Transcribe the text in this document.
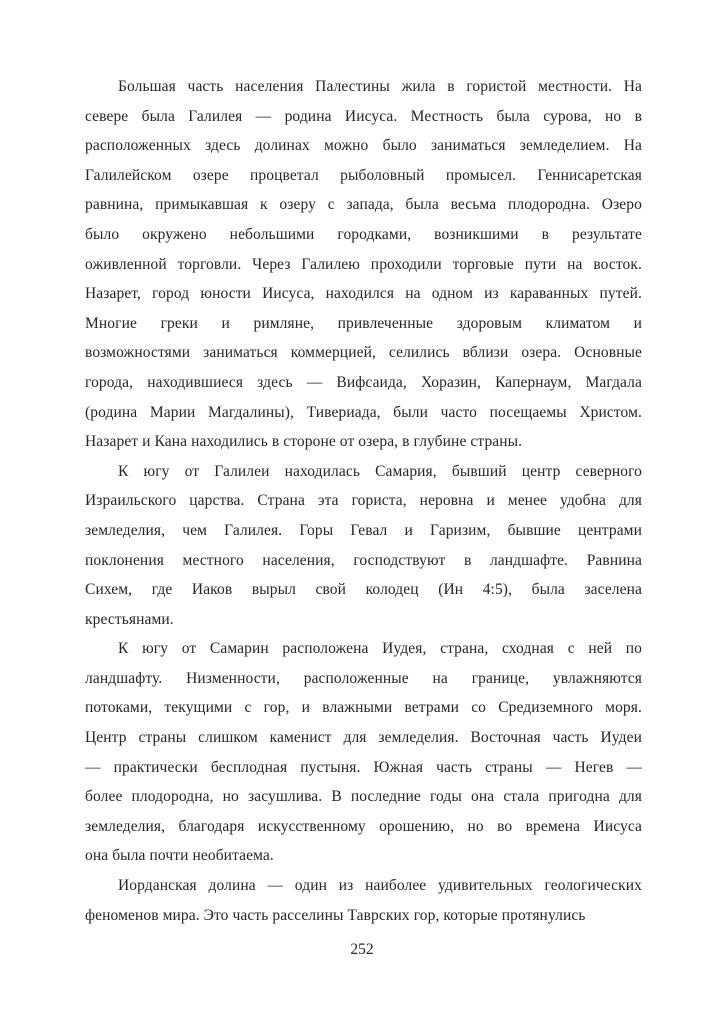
Большая часть населения Палестины жила в гористой местности. На
севере была Галилея — родина Иисуса. Местность была сурова, но в
расположенных здесь долинах можно было заниматься земледелием. На
Галилейском озере процветал рыболовный промысел. Геннисаретская
равнина, примыкавшая к озеру с запада, была весьма плодородна. Озеро
было окружено небольшими городками, возникшими в результате
оживленной торговли. Через Галилею проходили торговые пути на восток.
Назарет, город юности Иисуса, находился на одном из караванных путей.
Многие греки и римляне, привлеченные здоровым климатом и
возможностями заниматься коммерцией, селились вблизи озера. Основные
города, находившиеся здесь — Вифсаида, Хоразин, Капернаум, Магдала
(родина Марии Магдалины), Тивериада, были часто посещаемы Христом.
Назарет и Кана находились в стороне от озера, в глубине страны.
К югу от Галилеи находилась Самария, бывший центр северного
Израильского царства. Страна эта гориста, неровна и менее удобна для
земледелия, чем Галилея. Горы Гевал и Гаризим, бывшие центрами
поклонения местного населения, господствуют в ландшафте. Равнина
Сихем, где Иаков вырыл свой колодец (Ин 4:5), была заселена
крестьянами.
К югу от Самарин расположена Иудея, страна, сходная с ней по
ландшафту. Низменности, расположенные на границе, увлажняются
потоками, текущими с гор, и влажными ветрами со Средиземного моря.
Центр страны слишком каменист для земледелия. Восточная часть Иудеи
— практически бесплодная пустыня. Южная часть страны — Негев —
более плодородна, но засушлива. В последние годы она стала пригодна для
земледелия, благодаря искусственному орошению, но во времена Иисуса
она была почти необитаема.
Иорданская долина — один из наиболее удивительных геологических
феноменов мира. Это часть расселины Таврских гор, которые протянулись
252
